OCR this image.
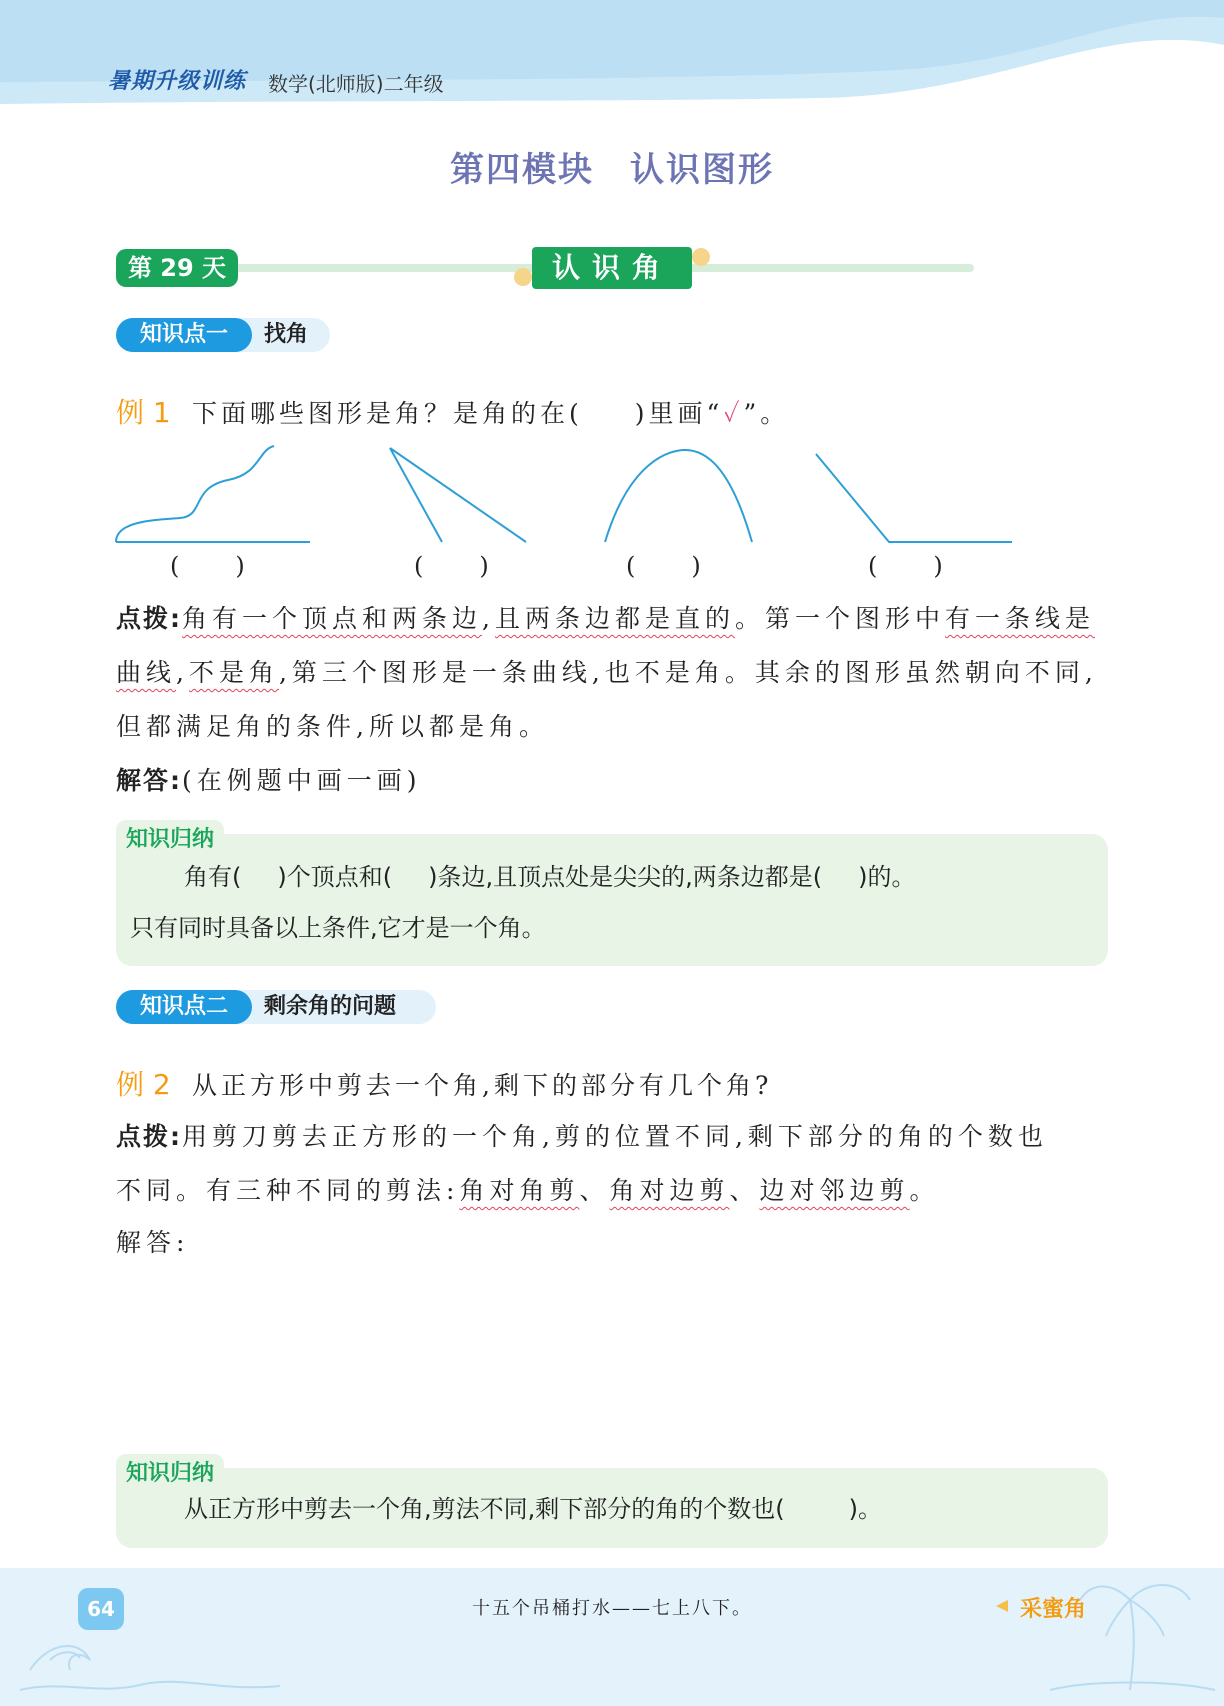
暑期升级训练 数学(北师版)二年级
第四模块　认识图形
第 29 天	认识角
知识点一	找角
例 1 下面哪些图形是角？是角的在( )里画“✓”。
( )	( )	( )	( )
点拨:角有一个顶点和两条边,且两条边都是直的。第一个图形中有一条线是曲线,不是角,第三个图形是一条曲线,也不是角。其余的图形虽然朝向不同,但都满足角的条件,所以都是角。
解答:(在例题中画一画)
知识归纳
角有( )个顶点和( )条边,且顶点处是尖尖的,两条边都是( )的。
只有同时具备以上条件,它才是一个角。
知识点二	剩余角的问题
例 2 从正方形中剪去一个角,剩下的部分有几个角?
点拨:用剪刀剪去正方形的一个角,剪的位置不同,剩下部分的角的个数也
不同。有三种不同的剪法:角对角剪、角对边剪、边对邻边剪。
解答:
知识归纳
从正方形中剪去一个角,剪法不同,剩下部分的角的个数也(	)。
64	十五个吊桶打水——七上八下。	采蜜角
